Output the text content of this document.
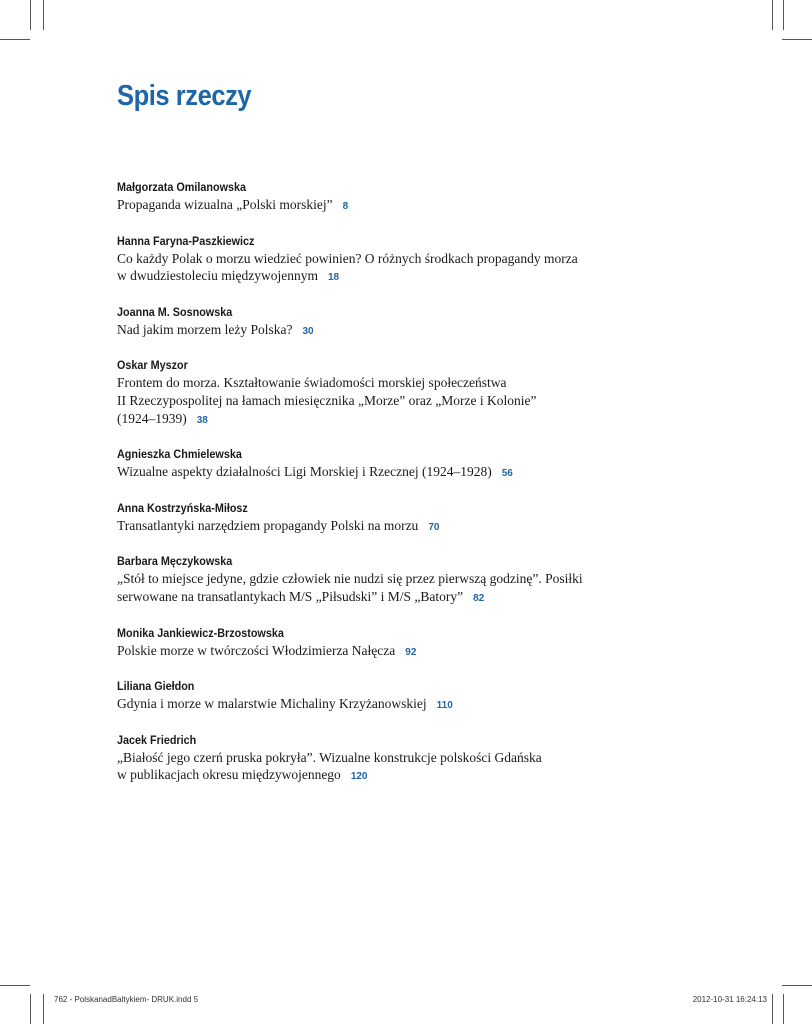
Spis rzeczy
Małgorzata Omilanowska
Propaganda wizualna „Polski morskiej” 8
Hanna Faryna-Paszkiewicz
Co każdy Polak o morzu wiedzieć powinien? O różnych środkach propagandy morza
w dwudziestoleciu międzywojennym 18
Joanna M. Sosnowska
Nad jakim morzem leży Polska? 30
Oskar Myszor
Frontem do morza. Kształtowanie świadomości morskiej społeczeństwa
II Rzeczypospolitej na łamach miesięcznika „Morze” oraz „Morze i Kolonie”
(1924–1939) 38
Agnieszka Chmielewska
Wizualne aspekty działalności Ligi Morskiej i Rzecznej (1924–1928) 56
Anna Kostrzyńska-Miłosz
Transatlantyki narzędziem propagandy Polski na morzu 70
Barbara Męczykowska
„Stół to miejsce jedyne, gdzie człowiek nie nudzi się przez pierwszą godzinę”. Posiłki
serwowane na transatlantykach M/S „Piłsudski” i M/S „Batory” 82
Monika Jankiewicz-Brzostowska
Polskie morze w twórczości Włodzimierza Nałęcza 92
Liliana Giełdon
Gdynia i morze w malarstwie Michaliny Krzyżanowskiej 110
Jacek Friedrich
„Białość jego czerń pruska pokryła”. Wizualne konstrukcje polskości Gdańska
w publikacjach okresu międzywojennego 120
762 - PolskanadBaltykiem- DRUK.indd 5	2012-10-31 16:24:13
